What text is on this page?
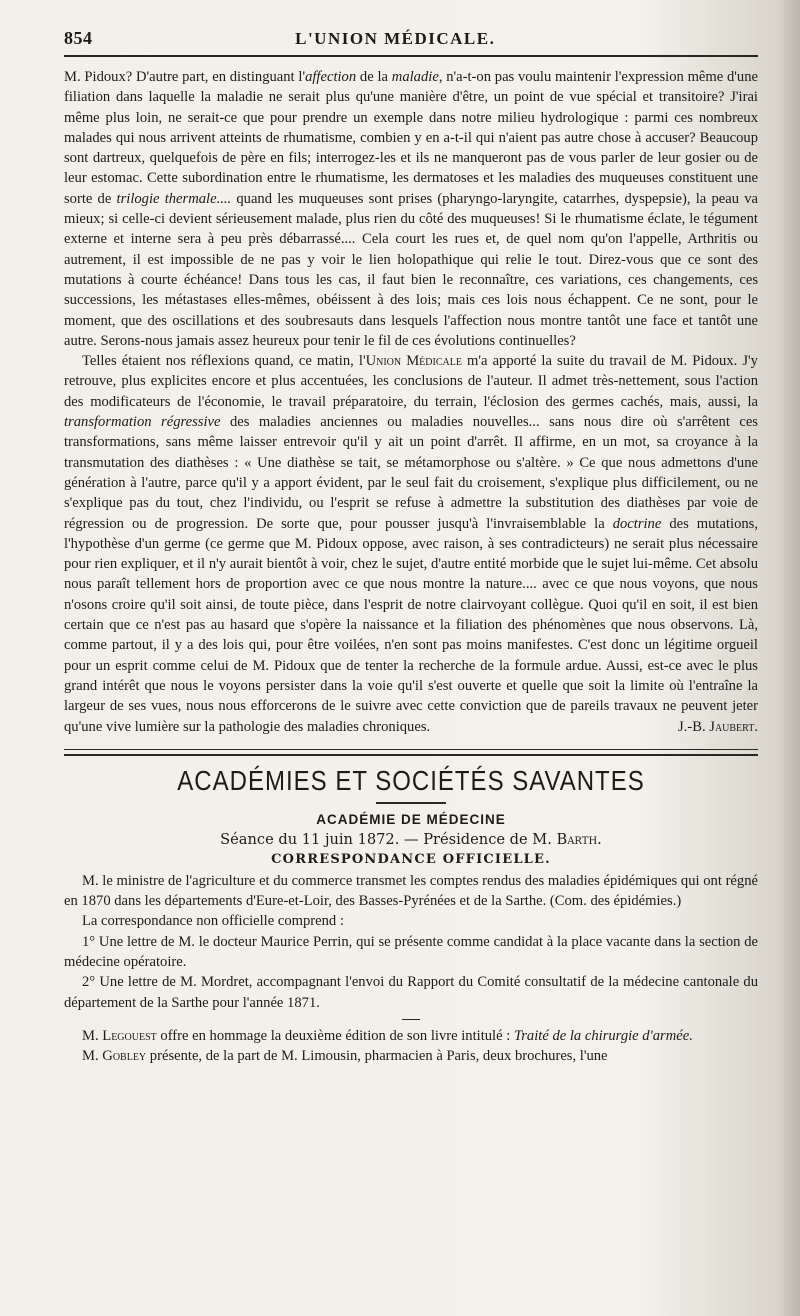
854	L'UNION MÉDICALE.

M. Pidoux? D'autre part, en distinguant l'affection de la maladie, n'a-t-on pas voulu maintenir l'expression même d'une filiation dans laquelle la maladie ne serait plus qu'une manière d'être, un point de vue spécial et transitoire? J'irai même plus loin, ne serait-ce que pour prendre un exemple dans notre milieu hydrologique : parmi ces nombreux malades qui nous arrivent atteints de rhumatisme, combien y en a-t-il qui n'aient pas autre chose à accuser? Beaucoup sont dartreux, quelquefois de père en fils; interrogez-les et ils ne manqueront pas de vous parler de leur gosier ou de leur estomac. Cette subordination entre le rhumatisme, les dermatoses et les maladies des muqueuses constituent une sorte de trilogie thermale.... quand les muqueuses sont prises (pharyngo-laryngite, catarrhes, dyspepsie), la peau va mieux; si celle-ci devient sérieusement malade, plus rien du côté des muqueuses! Si le rhumatisme éclate, le tégument externe et interne sera à peu près débarrassé.... Cela court les rues et, de quel nom qu'on l'appelle, Arthritis ou autrement, il est impossible de ne pas y voir le lien holopathique qui relie le tout. Direz-vous que ce sont des mutations à courte échéance! Dans tous les cas, il faut bien le reconnaître, ces variations, ces changements, ces successions, les métastases elles-mêmes, obéissent à des lois; mais ces lois nous échappent. Ce ne sont, pour le moment, que des oscillations et des soubresauts dans lesquels l'affection nous montre tantôt une face et tantôt une autre. Serons-nous jamais assez heureux pour tenir le fil de ces évolutions continuelles?

Telles étaient nos réflexions quand, ce matin, l'Union Médicale m'a apporté la suite du travail de M. Pidoux. J'y retrouve, plus explicites encore et plus accentuées, les conclusions de l'auteur. Il admet très-nettement, sous l'action des modificateurs de l'économie, le travail préparatoire, du terrain, l'éclosion des germes cachés, mais, aussi, la transformation régressive des maladies anciennes ou maladies nouvelles... sans nous dire où s'arrêtent ces transformations, sans même laisser entrevoir qu'il y ait un point d'arrêt. Il affirme, en un mot, sa croyance à la transmutation des diathèses : « Une diathèse se tait, se métamorphose ou s'altère. » Ce que nous admettons d'une génération à l'autre, parce qu'il y a apport évident, par le seul fait du croisement, s'explique plus difficilement, ou ne s'explique pas du tout, chez l'individu, ou l'esprit se refuse à admettre la substitution des diathèses par voie de régression ou de progression. De sorte que, pour pousser jusqu'à l'invraisemblable la doctrine des mutations, l'hypothèse d'un germe (ce germe que M. Pidoux oppose, avec raison, à ses contradicteurs) ne serait plus nécessaire pour rien expliquer, et il n'y aurait bientôt à voir, chez le sujet, d'autre entité morbide que le sujet lui-même. Cet absolu nous paraît tellement hors de proportion avec ce que nous montre la nature.... avec ce que nous voyons, que nous n'osons croire qu'il soit ainsi, de toute pièce, dans l'esprit de notre clairvoyant collègue. Quoi qu'il en soit, il est bien certain que ce n'est pas au hasard que s'opère la naissance et la filiation des phénomènes que nous observons. Là, comme partout, il y a des lois qui, pour être voilées, n'en sont pas moins manifestes. C'est donc un légitime orgueil pour un esprit comme celui de M. Pidoux que de tenter la recherche de la formule ardue. Aussi, est-ce avec le plus grand intérêt que nous le voyons persister dans la voie qu'il s'est ouverte et quelle que soit la limite où l'entraîne la largeur de ses vues, nous nous efforcerons de le suivre avec cette conviction que de pareils travaux ne peuvent jeter qu'une vive lumière sur la pathologie des maladies chroniques.	J.-B. Jaubert.

ACADÉMIES ET SOCIÉTÉS SAVANTES
ACADÉMIE DE MÉDECINE
Séance du 11 juin 1872. — Présidence de M. Barth.
CORRESPONDANCE OFFICIELLE.

M. le ministre de l'agriculture et du commerce transmet les comptes rendus des maladies épidémiques qui ont régné en 1870 dans les départements d'Eure-et-Loir, des Basses-Pyrénées et de la Sarthe. (Com. des épidémies.)

La correspondance non officielle comprend :

1° Une lettre de M. le docteur Maurice Perrin, qui se présente comme candidat à la place vacante dans la section de médecine opératoire.

2° Une lettre de M. Mordret, accompagnant l'envoi du Rapport du Comité consultatif de la médecine cantonale du département de la Sarthe pour l'année 1871.

M. Legouest offre en hommage la deuxième édition de son livre intitulé : Traité de la chirurgie d'armée.

M. Gobley présente, de la part de M. Limousin, pharmacien à Paris, deux brochures, l'une
